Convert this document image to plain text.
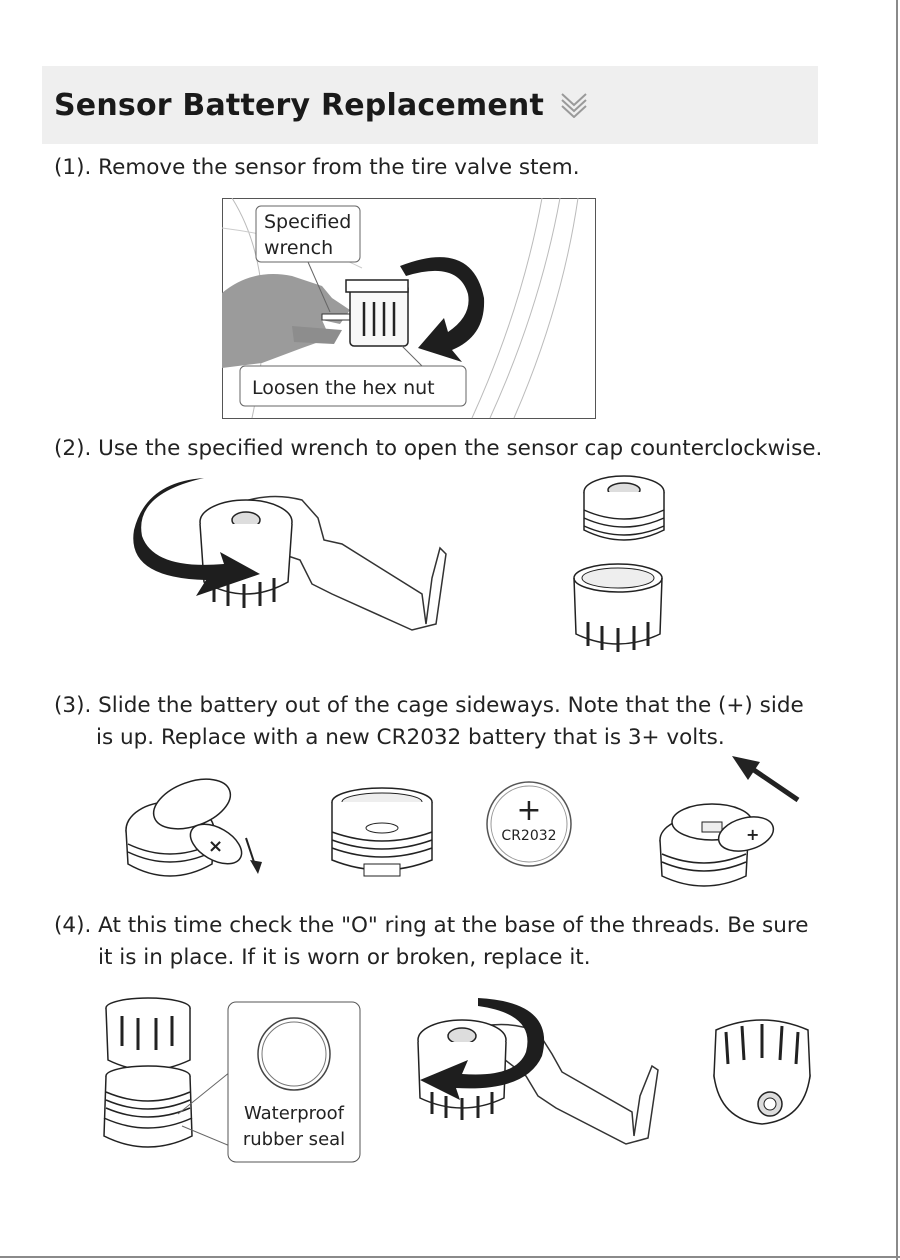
Sensor Battery Replacement
(1). Remove the sensor from the tire valve stem.
Specified
wrench
Loosen the hex nut
(2). Use the specified wrench to open the sensor cap counterclockwise.
(3). Slide the battery out of the cage sideways. Note that the (+) side
is up. Replace with a new CR2032 battery that is 3+ volts.
×
+
CR2032	+
(4). At this time check the "O" ring at the base of the threads. Be sure
it is in place. If it is worn or broken, replace it.
Waterproof
rubber seal
